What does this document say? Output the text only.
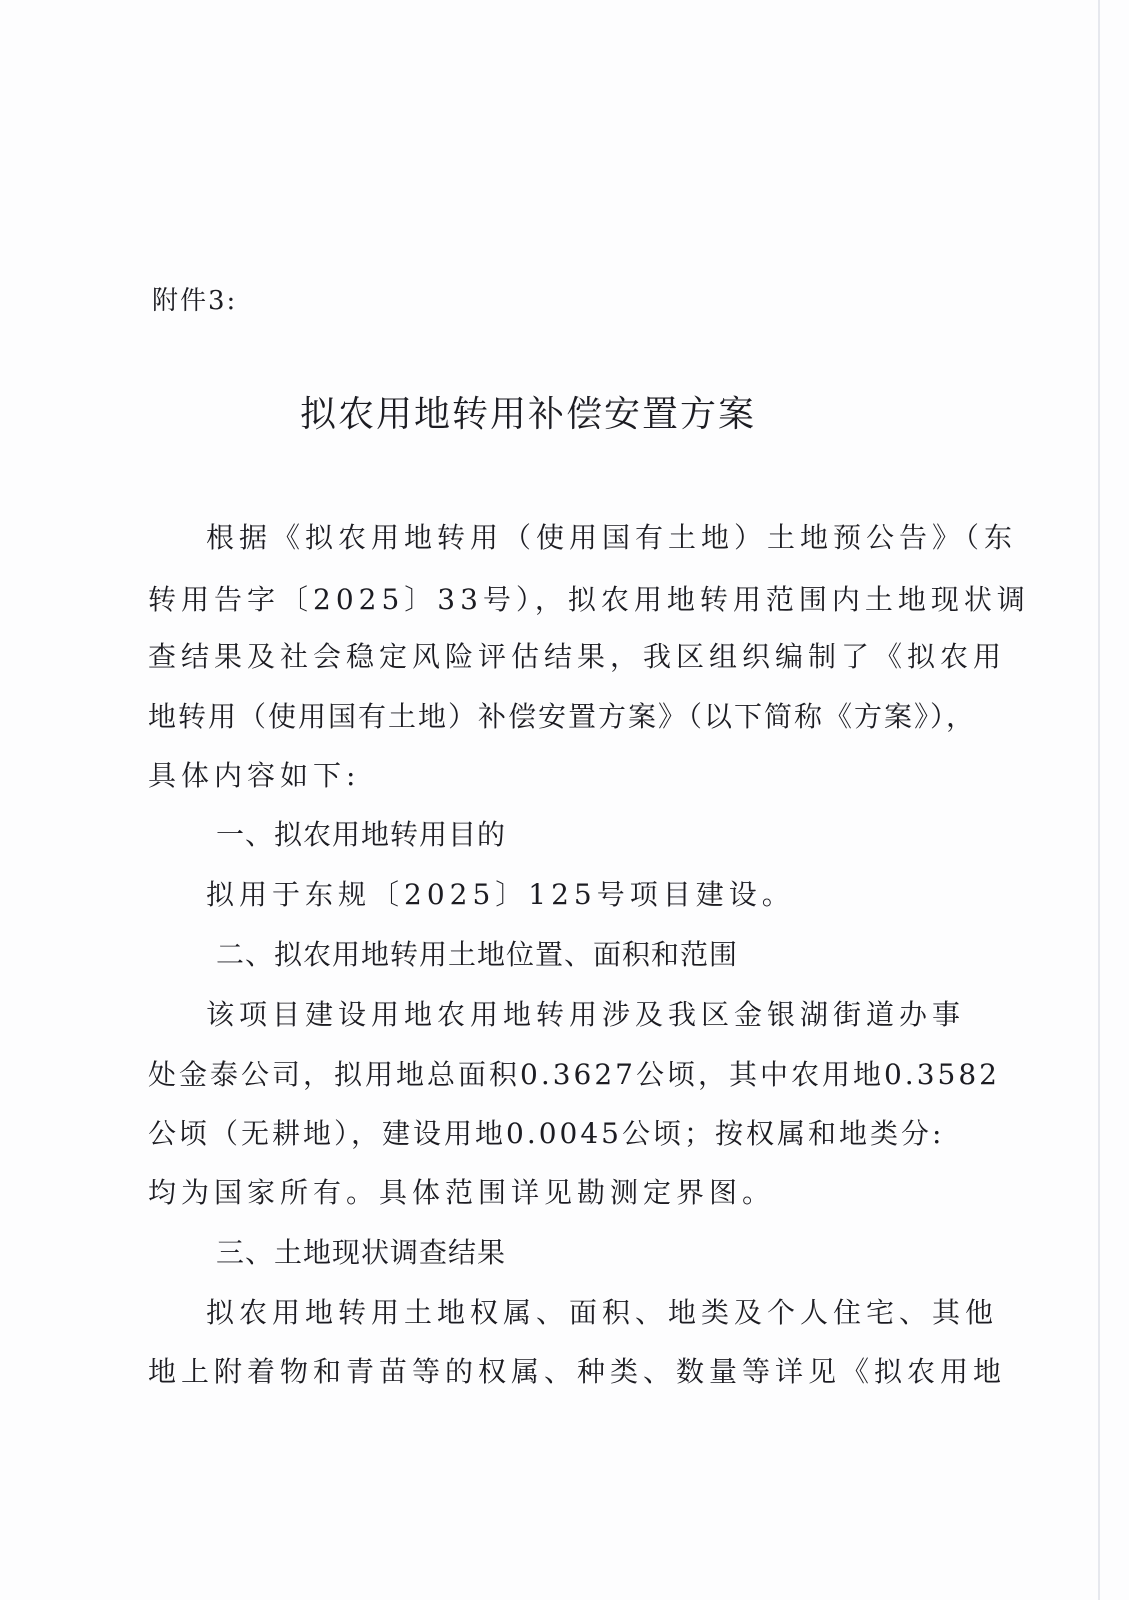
附件3:
拟农用地转用补偿安置方案
根据《拟农用地转用（使用国有土地）土地预公告》（东
转用告字〔2025〕33号），拟农用地转用范围内土地现状调
查结果及社会稳定风险评估结果，我区组织编制了《拟农用
地转用（使用国有土地）补偿安置方案》（以下简称《方案》），
具体内容如下:
一、拟农用地转用目的
拟用于东规〔2025〕125号项目建设。
二、拟农用地转用土地位置、面积和范围
该项目建设用地农用地转用涉及我区金银湖街道办事
处金泰公司，拟用地总面积0.3627公顷，其中农用地0.3582
公顷（无耕地），建设用地0.0045公顷；按权属和地类分:
均为国家所有。具体范围详见勘测定界图。
三、土地现状调查结果
拟农用地转用土地权属、面积、地类及个人住宅、其他
地上附着物和青苗等的权属、种类、数量等详见《拟农用地
